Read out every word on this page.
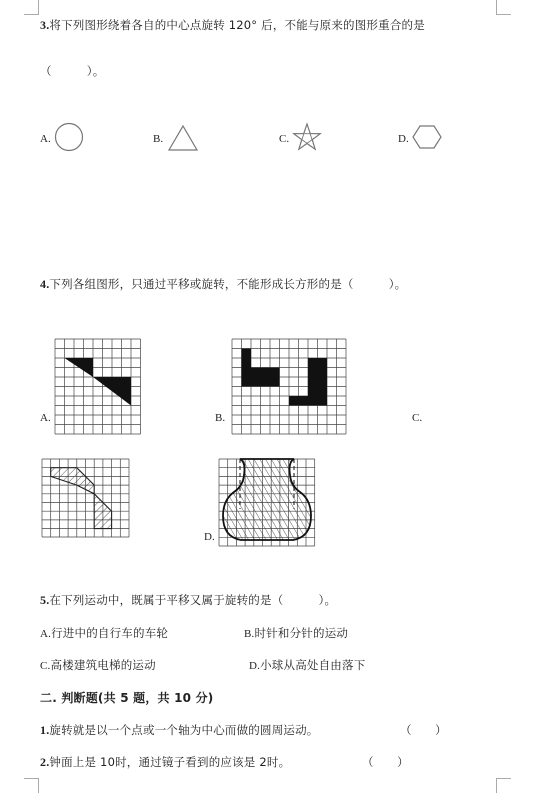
3.将下列图形绕着各自的中心点旋转 120° 后，不能与原来的图形重合的是
（　　　）。
A.	B.	C.	D.
4.下列各组图形，只通过平移或旋转，不能形成长方形的是（　　　）。
A.	B.	C.
D.
5.在下列运动中，既属于平移又属于旋转的是（　　　）。
A.行进中的自行车的车轮	B.时针和分针的运动
C.高楼建筑电梯的运动	D.小球从高处自由落下
二. 判断题(共 5 题，共 10 分)
1.旋转就是以一个点或一个轴为中心而做的圆周运动。	（　　）
2.钟面上是 10时，通过镜子看到的应该是 2时。	（　　）
